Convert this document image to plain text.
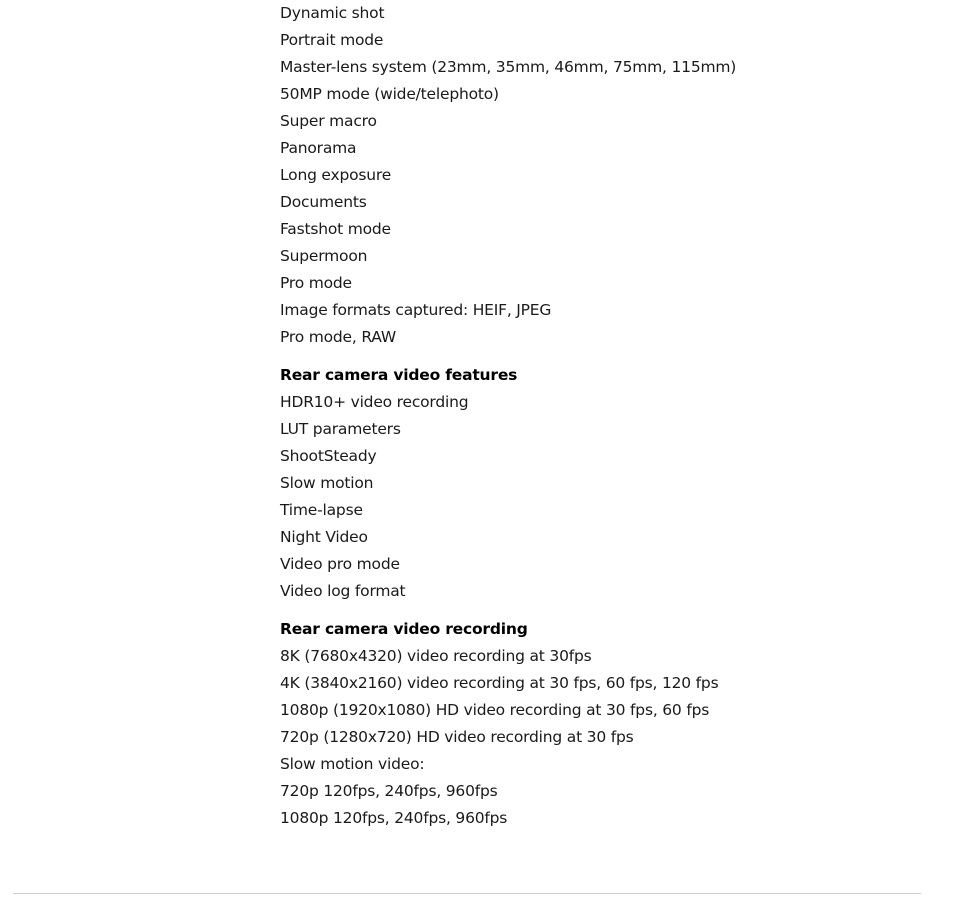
Dynamic shot
Portrait mode
Master-lens system (23mm, 35mm, 46mm, 75mm, 115mm)
50MP mode (wide/telephoto)
Super macro
Panorama
Long exposure
Documents
Fastshot mode
Supermoon
Pro mode
Image formats captured: HEIF, JPEG
Pro mode, RAW
Rear camera video features
HDR10+ video recording
LUT parameters
ShootSteady
Slow motion
Time-lapse
Night Video
Video pro mode
Video log format
Rear camera video recording
8K (7680x4320) video recording at 30fps
4K (3840x2160) video recording at 30 fps, 60 fps, 120 fps
1080p (1920x1080) HD video recording at 30 fps, 60 fps
720p (1280x720) HD video recording at 30 fps
Slow motion video:
720p 120fps, 240fps, 960fps
1080p 120fps, 240fps, 960fps
